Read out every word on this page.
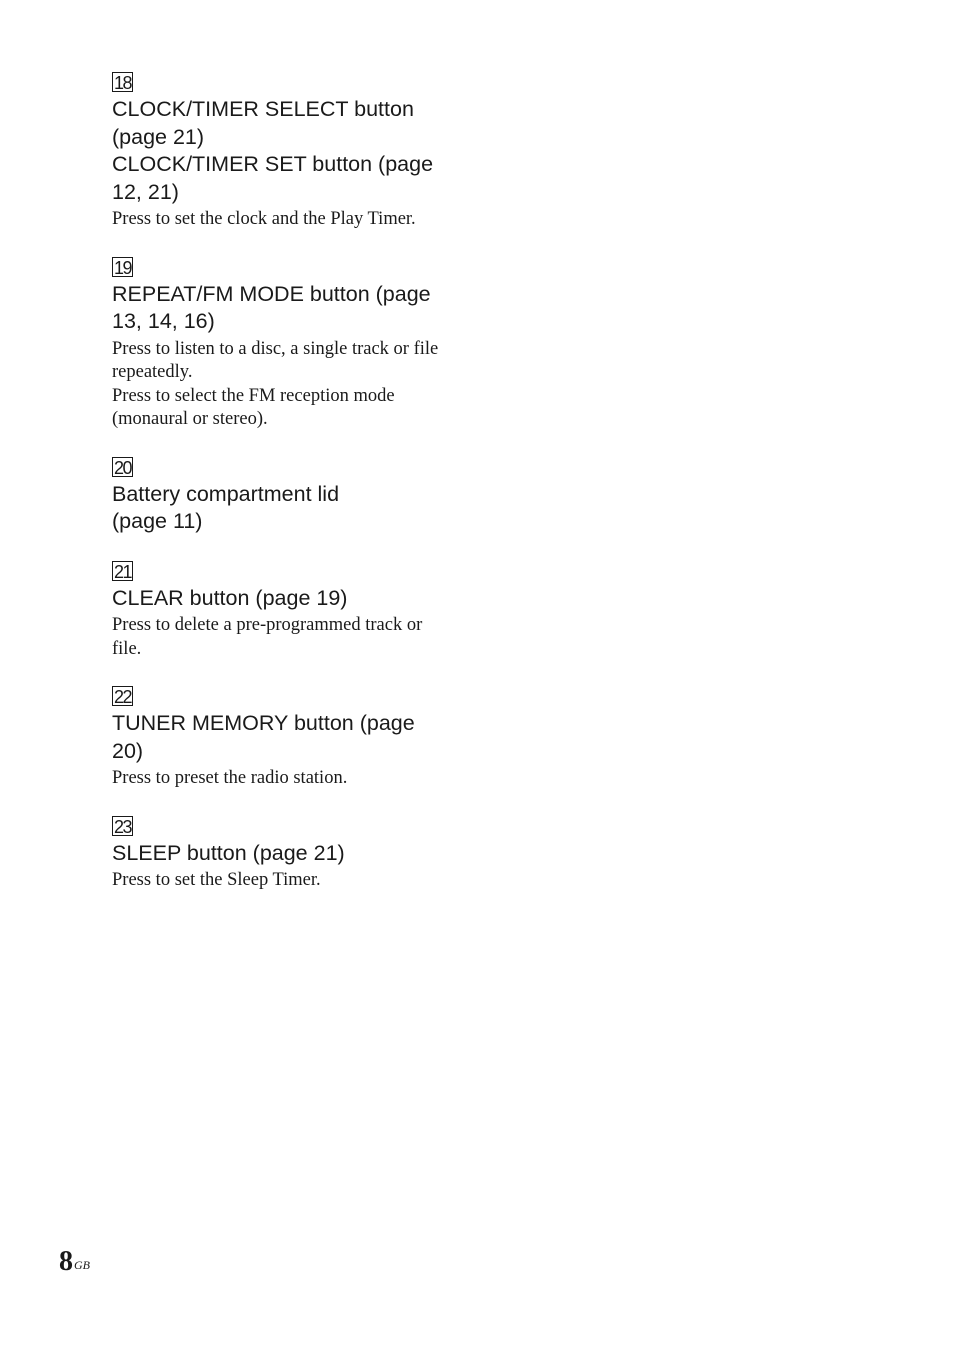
18

CLOCK/TIMER SELECT button (page 21)

CLOCK/TIMER SET button (page 12, 21)

Press to set the clock and the Play Timer.

19

REPEAT/FM MODE button (page 13, 14, 16)

Press to listen to a disc, a single track or file repeatedly.

Press to select the FM reception mode (monaural or stereo).

20

Battery compartment lid (page 11)

21

CLEAR button (page 19)

Press to delete a pre-programmed track or file.

22

TUNER MEMORY button (page 20)

Press to preset the radio station.

23

SLEEP button (page 21)

Press to set the Sleep Timer.

$8^{GB}$
